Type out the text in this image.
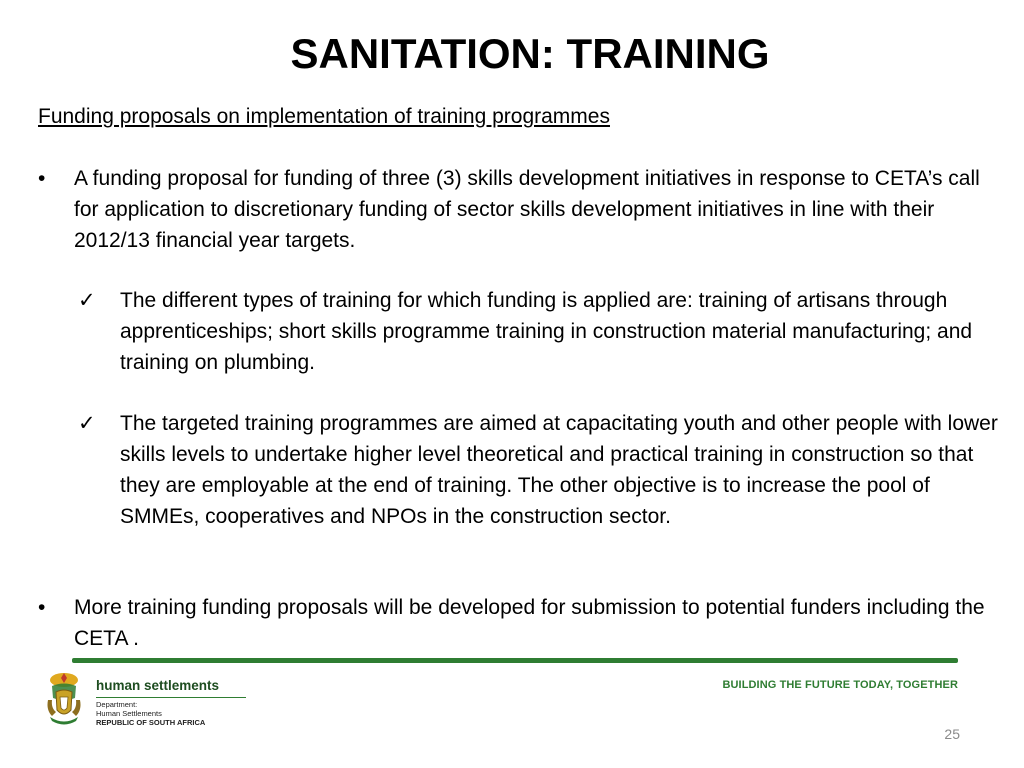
SANITATION: TRAINING
Funding proposals on implementation of training programmes
• A funding proposal for funding of three (3) skills development initiatives in response to CETA’s call for application to discretionary funding of sector skills development initiatives in line with their 2012/13 financial year targets.
✓ The different types of training for which funding is applied are: training of artisans through apprenticeships; short skills programme training in construction material manufacturing; and training on plumbing.
✓ The targeted training programmes are aimed at capacitating youth and other people with lower skills levels to undertake higher level theoretical and practical training in construction so that they are employable at the end of training. The other objective is to increase the pool of SMMEs, cooperatives and NPOs in the construction sector.
• More training funding proposals will be developed for submission to potential funders including the CETA .
human settlements
Department:
Human Settlements
REPUBLIC OF SOUTH AFRICA
BUILDING THE FUTURE TODAY, TOGETHER
25
